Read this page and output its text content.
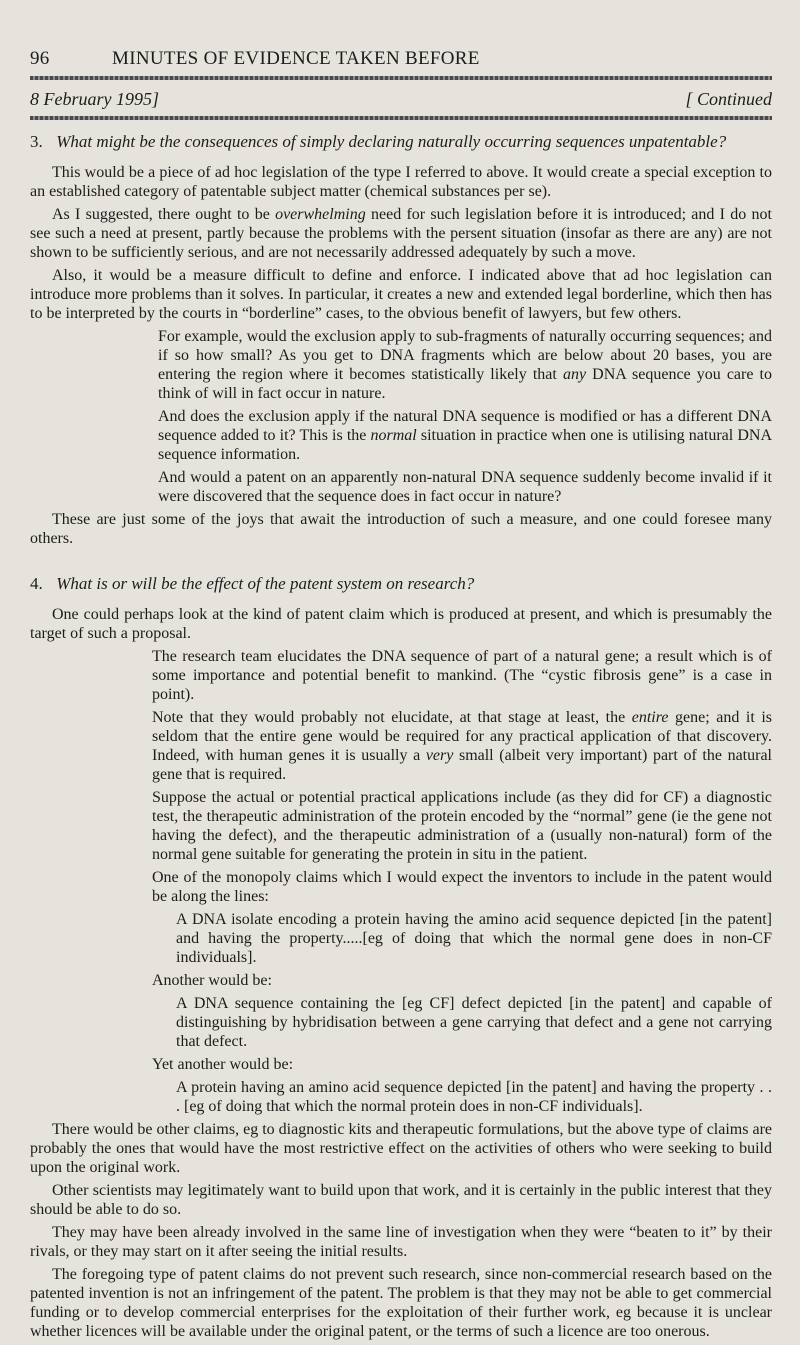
96	MINUTES OF EVIDENCE TAKEN BEFORE
8 February 1995]	[ Continued
3. What might be the consequences of simply declaring naturally occurring sequences unpatentable?

This would be a piece of ad hoc legislation of the type I referred to above. It would create a special exception to an established category of patentable subject matter (chemical substances per se).

As I suggested, there ought to be overwhelming need for such legislation before it is introduced; and I do not see such a need at present, partly because the problems with the persent situation (insofar as there are any) are not shown to be sufficiently serious, and are not necessarily addressed adequately by such a move.

Also, it would be a measure difficult to define and enforce. I indicated above that ad hoc legislation can introduce more problems than it solves. In particular, it creates a new and extended legal borderline, which then has to be interpreted by the courts in “borderline” cases, to the obvious benefit of lawyers, but few others.

For example, would the exclusion apply to sub-fragments of naturally occurring sequences; and if so how small? As you get to DNA fragments which are below about 20 bases, you are entering the region where it becomes statistically likely that any DNA sequence you care to think of will in fact occur in nature.

And does the exclusion apply if the natural DNA sequence is modified or has a different DNA sequence added to it? This is the normal situation in practice when one is utilising natural DNA sequence information.

And would a patent on an apparently non-natural DNA sequence suddenly become invalid if it were discovered that the sequence does in fact occur in nature?

These are just some of the joys that await the introduction of such a measure, and one could foresee many others.

4. What is or will be the effect of the patent system on research?

One could perhaps look at the kind of patent claim which is produced at present, and which is presumably the target of such a proposal.

The research team elucidates the DNA sequence of part of a natural gene; a result which is of some importance and potential benefit to mankind. (The “cystic fibrosis gene” is a case in point).

Note that they would probably not elucidate, at that stage at least, the entire gene; and it is seldom that the entire gene would be required for any practical application of that discovery. Indeed, with human genes it is usually a very small (albeit very important) part of the natural gene that is required.

Suppose the actual or potential practical applications include (as they did for CF) a diagnostic test, the therapeutic administration of the protein encoded by the “normal” gene (ie the gene not having the defect), and the therapeutic administration of a (usually non-natural) form of the normal gene suitable for generating the protein in situ in the patient.

One of the monopoly claims which I would expect the inventors to include in the patent would be along the lines:

A DNA isolate encoding a protein having the amino acid sequence depicted [in the patent] and having the property.....[eg of doing that which the normal gene does in non-CF individuals].

Another would be:

A DNA sequence containing the [eg CF] defect depicted [in the patent] and capable of distinguishing by hybridisation between a gene carrying that defect and a gene not carrying that defect.

Yet another would be:

A protein having an amino acid sequence depicted [in the patent] and having the property . . . [eg of doing that which the normal protein does in non-CF individuals].

There would be other claims, eg to diagnostic kits and therapeutic formulations, but the above type of claims are probably the ones that would have the most restrictive effect on the activities of others who were seeking to build upon the original work.

Other scientists may legitimately want to build upon that work, and it is certainly in the public interest that they should be able to do so.

They may have been already involved in the same line of investigation when they were “beaten to it” by their rivals, or they may start on it after seeing the initial results.

The foregoing type of patent claims do not prevent such research, since non-commercial research based on the patented invention is not an infringement of the patent. The problem is that they may not be able to get commercial funding or to develop commercial enterprises for the exploitation of their further work, eg because it is unclear whether licences will be available under the original patent, or the terms of such a licence are too onerous.
